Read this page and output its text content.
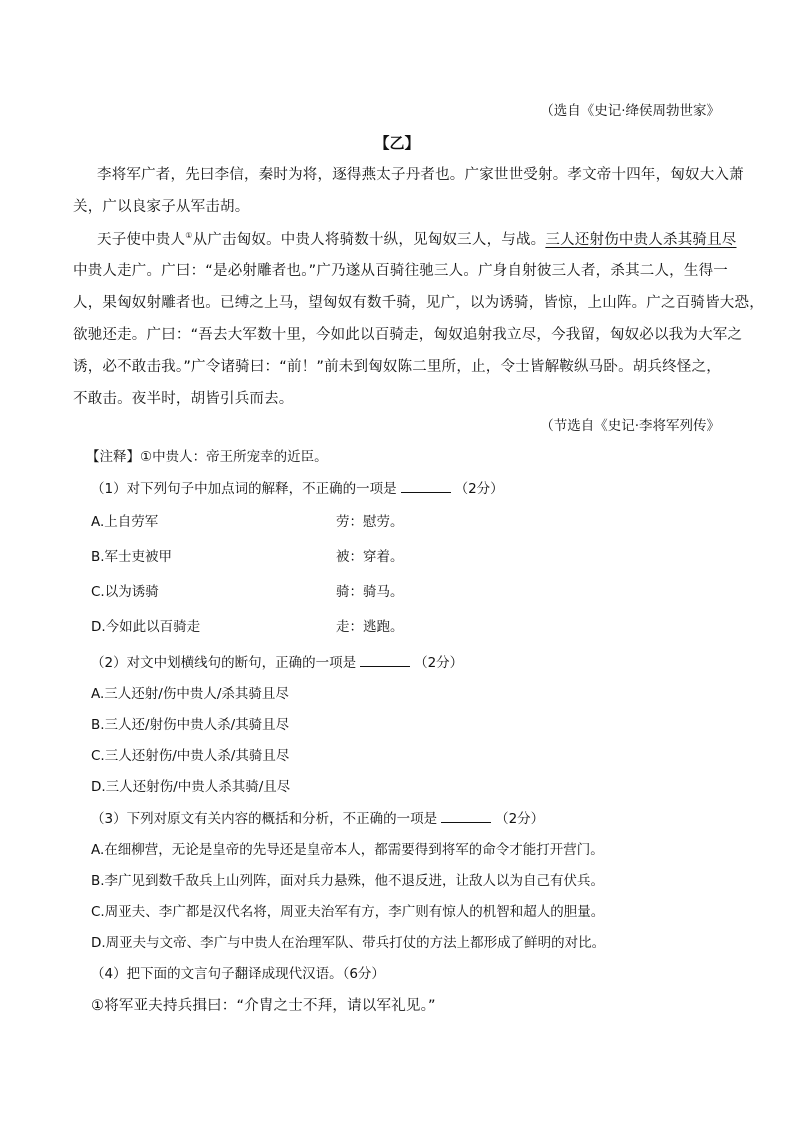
（选自《史记·绛侯周勃世家》
【乙】
李将军广者，先曰李信，秦时为将，逐得燕太子丹者也。广家世世受射。孝文帝十四年，匈奴大入萧
关，广以良家子从军击胡。
天子使中贵人①从广击匈奴。中贵人将骑数十纵，见匈奴三人，与战。三人还射伤中贵人杀其骑且尽
中贵人走广。广曰：“是必射雕者也。”广乃遂从百骑往驰三人。广身自射彼三人者，杀其二人，生得一
人，果匈奴射雕者也。已缚之上马，望匈奴有数千骑，见广，以为诱骑，皆惊，上山阵。广之百骑皆大恐，
欲驰还走。广曰：“吾去大军数十里，今如此以百骑走，匈奴追射我立尽，今我留，匈奴必以我为大军之
诱，必不敢击我。”广令诸骑曰：“前！”前未到匈奴陈二里所，止，令士皆解鞍纵马卧。胡兵终怪之，
不敢击。夜半时，胡皆引兵而去。
（节选自《史记·李将军列传》
【注释】①中贵人：帝王所宠幸的近臣。
（1）对下列句子中加点词的解释，不正确的一项是	（2分）
A.上自劳军	劳：慰劳。
B.军士吏被甲	被：穿着。
C.以为诱骑	骑：骑马。
D.今如此以百骑走	走：逃跑。
（2）对文中划横线句的断句，正确的一项是	（2分）
A.三人还射/伤中贵人/杀其骑且尽
B.三人还/射伤中贵人杀/其骑且尽
C.三人还射伤/中贵人杀/其骑且尽
D.三人还射伤/中贵人杀其骑/且尽
（3）下列对原文有关内容的概括和分析，不正确的一项是	（2分）
A.在细柳营，无论是皇帝的先导还是皇帝本人，都需要得到将军的命令才能打开营门。
B.李广见到数千敌兵上山列阵，面对兵力悬殊，他不退反进，让敌人以为自己有伏兵。
C.周亚夫、李广都是汉代名将，周亚夫治军有方，李广则有惊人的机智和超人的胆量。
D.周亚夫与文帝、李广与中贵人在治理军队、带兵打仗的方法上都形成了鲜明的对比。
（4）把下面的文言句子翻译成现代汉语。（6分）
①将军亚夫持兵揖曰：“介胄之士不拜，请以军礼见。”
